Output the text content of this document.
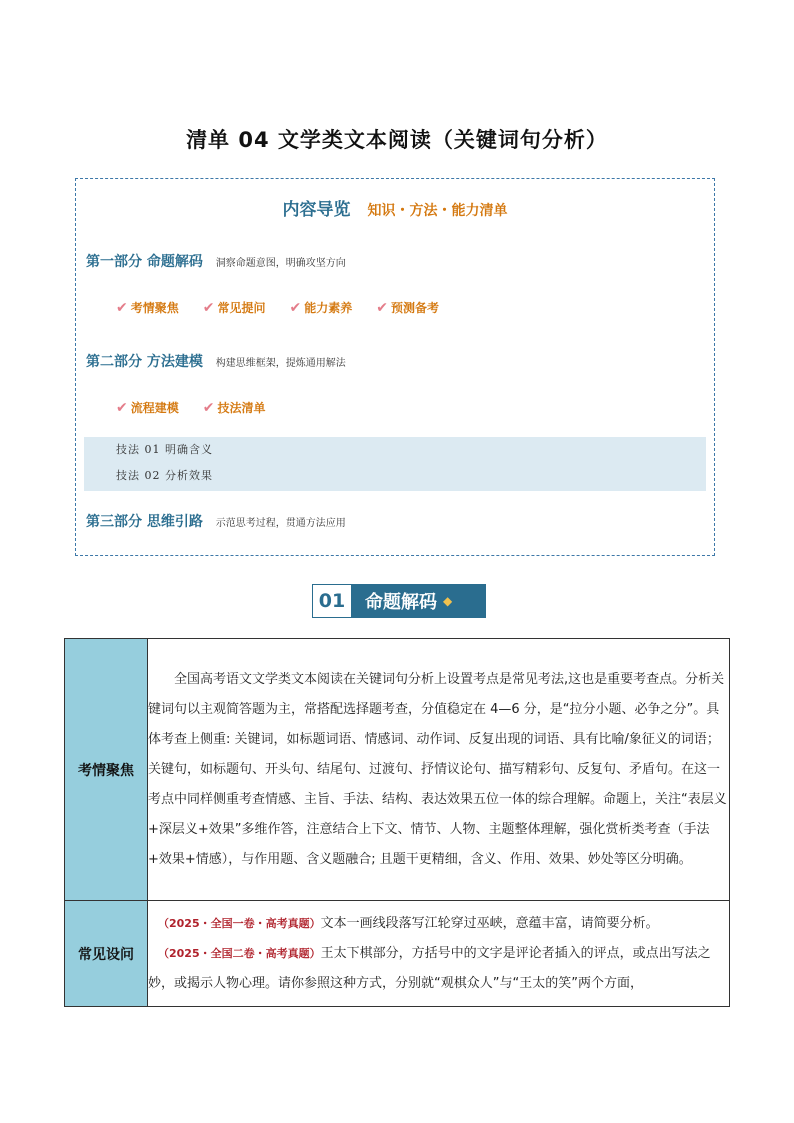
清单 04 文学类文本阅读（关键词句分析）
内容导览 知识・方法・能力清单
第一部分 命题解码 洞察命题意图，明确攻坚方向
✔ 考情聚焦 ✔ 常见提问 ✔ 能力素养 ✔ 预测备考
第二部分 方法建模 构建思维框架，提炼通用解法
✔ 流程建模 ✔ 技法清单
技法 01 明确含义
技法 02 分析效果
第三部分 思维引路 示范思考过程，贯通方法应用
01	命题解码 ◆
考情聚焦	全国高考语文文学类文本阅读在关键词句分析上设置考点是常见考法,这也是重要考查点。分析关键词句以主观简答题为主，常搭配选择题考查，分值稳定在 4—6 分，是“拉分小题、必争之分”。具体考查上侧重: 关键词，如标题词语、情感词、动作词、反复出现的词语、具有比喻/象征义的词语；关键句，如标题句、开头句、结尾句、过渡句、抒情议论句、描写精彩句、反复句、矛盾句。在这一考点中同样侧重考查情感、主旨、手法、结构、表达效果五位一体的综合理解。命题上，关注“表层义+深层义+效果”多维作答，注意结合上下文、情节、人物、主题整体理解，强化赏析类考查（手法+效果+情感），与作用题、含义题融合; 且题干更精细，含义、作用、效果、妙处等区分明确。

常见设问	（2025・全国一卷・高考真题）文本一画线段落写江轮穿过巫峡，意蕴丰富，请简要分析。
（2025・全国二卷・高考真题）王太下棋部分，方括号中的文字是评论者插入的评点，或点出写法之妙，或揭示人物心理。请你参照这种方式，分别就“观棋众人”与“王太的笑”两个方面，
